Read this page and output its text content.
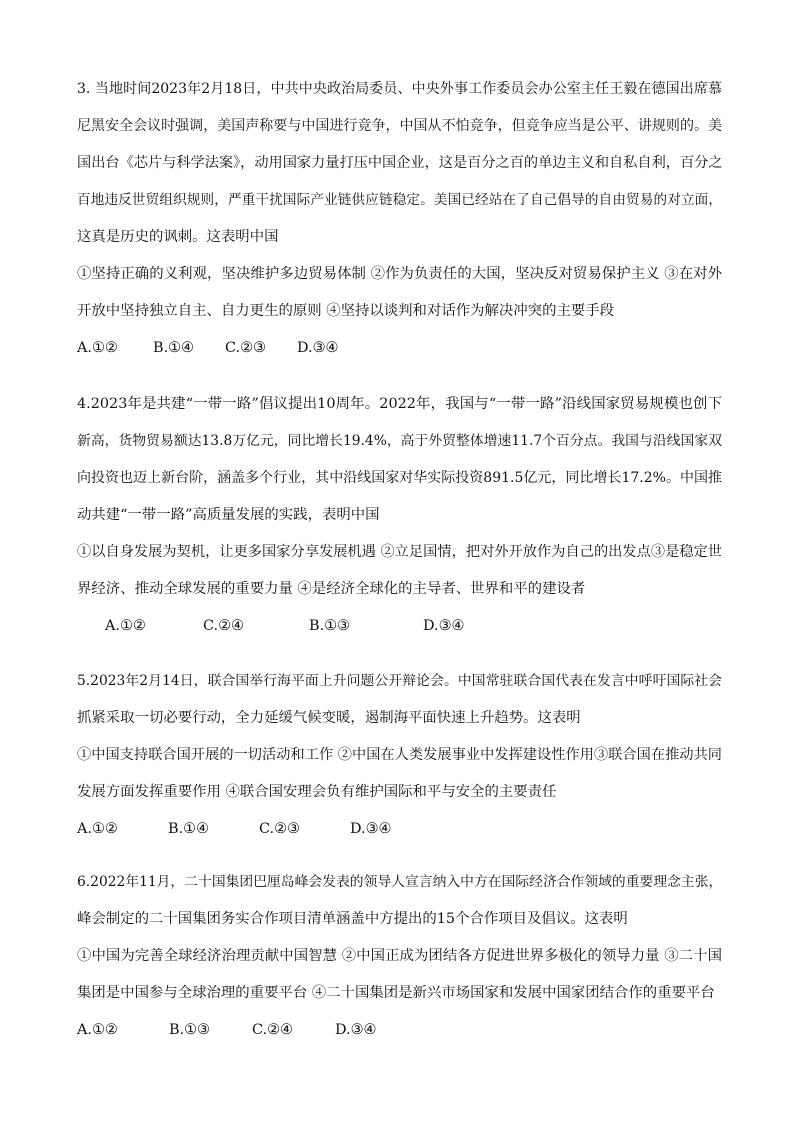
3. 当地时间2023年2月18日，中共中央政治局委员、中央外事工作委员会办公室主任王毅在德国出席慕
尼黑安全会议时强调，美国声称要与中国进行竞争，中国从不怕竞争，但竞争应当是公平、讲规则的。美
国出台《芯片与科学法案》，动用国家力量打压中国企业，这是百分之百的单边主义和自私自利，百分之
百地违反世贸组织规则，严重干扰国际产业链供应链稳定。美国已经站在了自己倡导的自由贸易的对立面，
这真是历史的讽刺。这表明中国
①坚持正确的义利观，坚决维护多边贸易体制 ②作为负责任的大国，坚决反对贸易保护主义 ③在对外
开放中坚持独立自主、自力更生的原则 ④坚持以谈判和对话作为解决冲突的主要手段
A.①②	B.①④	C.②③	D.③④
4.2023年是共建“一带一路”倡议提出10周年。2022年，我国与“一带一路”沿线国家贸易规模也创下
新高，货物贸易额达13.8万亿元，同比增长19.4%，高于外贸整体增速11.7个百分点。我国与沿线国家双
向投资也迈上新台阶，涵盖多个行业，其中沿线国家对华实际投资891.5亿元，同比增长17.2%。中国推
动共建“一带一路”高质量发展的实践，表明中国
①以自身发展为契机，让更多国家分享发展机遇 ②立足国情，把对外开放作为自己的出发点③是稳定世
界经济、推动全球发展的重要力量 ④是经济全球化的主导者、世界和平的建设者
A.①②	C.②④	B.①③	D.③④
5.2023年2月14日，联合国举行海平面上升问题公开辩论会。中国常驻联合国代表在发言中呼吁国际社会
抓紧采取一切必要行动，全力延缓气候变暖，遏制海平面快速上升趋势。这表明
①中国支持联合国开展的一切活动和工作 ②中国在人类发展事业中发挥建设性作用③联合国在推动共同
发展方面发挥重要作用 ④联合国安理会负有维护国际和平与安全的主要责任
A.①②	B.①④	C.②③	D.③④
6.2022年11月，二十国集团巴厘岛峰会发表的领导人宣言纳入中方在国际经济合作领域的重要理念主张，
峰会制定的二十国集团务实合作项目清单涵盖中方提出的15个合作项目及倡议。这表明
①中国为完善全球经济治理贡献中国智慧 ②中国正成为团结各方促进世界多极化的领导力量 ③二十国
集团是中国参与全球治理的重要平台 ④二十国集团是新兴市场国家和发展中国家团结合作的重要平台
A.①②	B.①③	C.②④	D.③④
